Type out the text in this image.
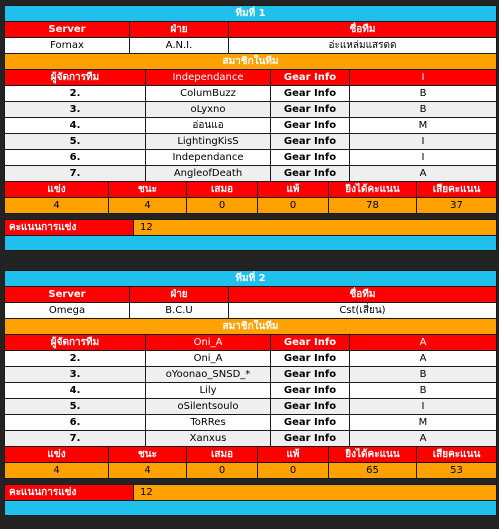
ทีมที่ 1
Server	ฝ่าย	ชื่อทีม
Fornax	A.N.I.	อ่ะแหล่มแสรดด
สมาชิกในทีม
ผู้จัดการทีม	Independance	Gear Info	I
2.	ColumBuzz	Gear Info	B
3.	oLyxno	Gear Info	B
4.	อ่อนแอ	Gear Info	M
5.	LightingKisS	Gear Info	I
6.	Independance	Gear Info	I
7.	AngleofDeath	Gear Info	A
แข่ง	ชนะ	เสมอ	แพ้	ยิงได้คะแนน	เสียคะแนน
4	4	0	0	78	37
คะแนนการแข่ง	12
ทีมที่ 2
Server	ฝ่าย	ชื่อทีม
Omega	B.C.U	Cst(เสี่ยน)
สมาชิกในทีม
ผู้จัดการทีม	Oni_A	Gear Info	A
2.	Oni_A	Gear Info	A
3.	oYoonao_SNSD_*	Gear Info	B
4.	Lily	Gear Info	B
5.	oSilentsoulo	Gear Info	I
6.	ToRRes	Gear Info	M
7.	Xanxus	Gear Info	A
แข่ง	ชนะ	เสมอ	แพ้	ยิงได้คะแนน	เสียคะแนน
4	4	0	0	65	53
คะแนนการแข่ง	12
